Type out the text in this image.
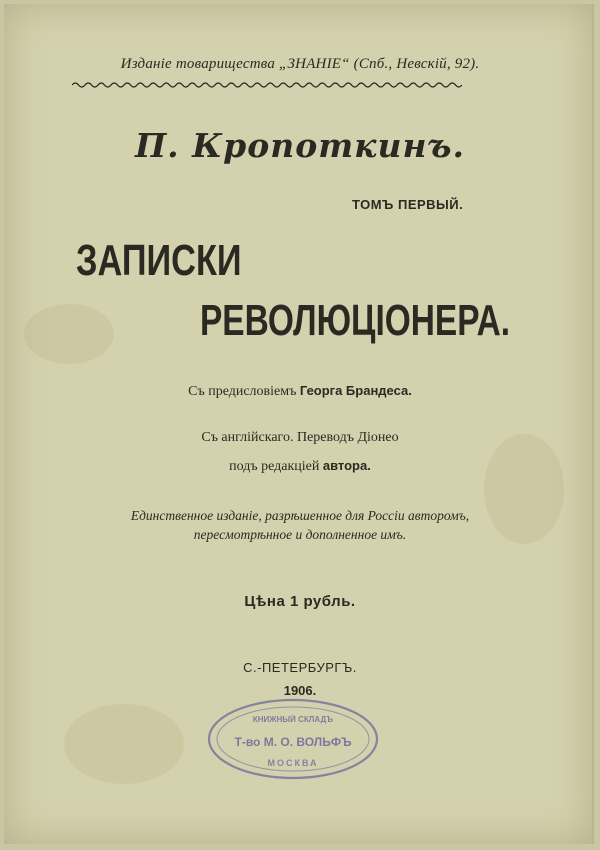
Изданіе товарищества „ЗНАНІЕ“ (Спб., Невскій, 92).
П. Кропоткинъ.
ТОМЪ ПЕРВЫЙ.
ЗАПИСКИ
РЕВОЛЮЦІОНЕРА.
Съ предисловіемъ Георга Брандеса.
Съ англійскаго. Переводъ Діонео
подъ редакціей автора.
Единственное изданіе, разрѣшенное для Россіи авторомъ,
пересмотрѣнное и дополненное имъ.
Цѣна 1 рубль.
С.-ПЕТЕРБУРГЪ.
1906.
КНИЖНЫЙ СКЛАДЪ
Т-во М. О. ВОЛЬФЪ
МОСКВА
